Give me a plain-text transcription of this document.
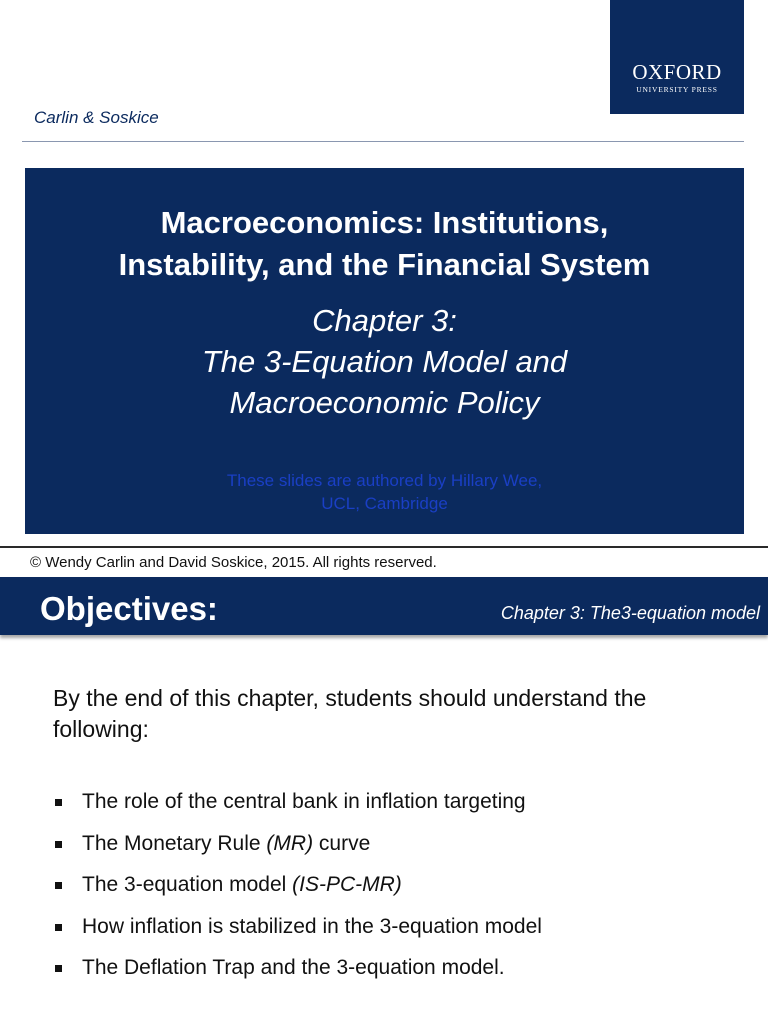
OXFORD
UNIVERSITY PRESS
Carlin & Soskice
Macroeconomics: Institutions,
Instability, and the Financial System
Chapter 3:
The 3-Equation Model and
Macroeconomic Policy
These slides are authored by Hillary Wee,
UCL, Cambridge
© Wendy Carlin and David Soskice, 2015. All rights reserved.
Objectives:	Chapter 3: The3-equation model
By the end of this chapter, students should understand the following:
The role of the central bank in inflation targeting
The Monetary Rule (MR) curve
The 3-equation model (IS-PC-MR)
How inflation is stabilized in the 3-equation model
The Deflation Trap and the 3-equation model.
